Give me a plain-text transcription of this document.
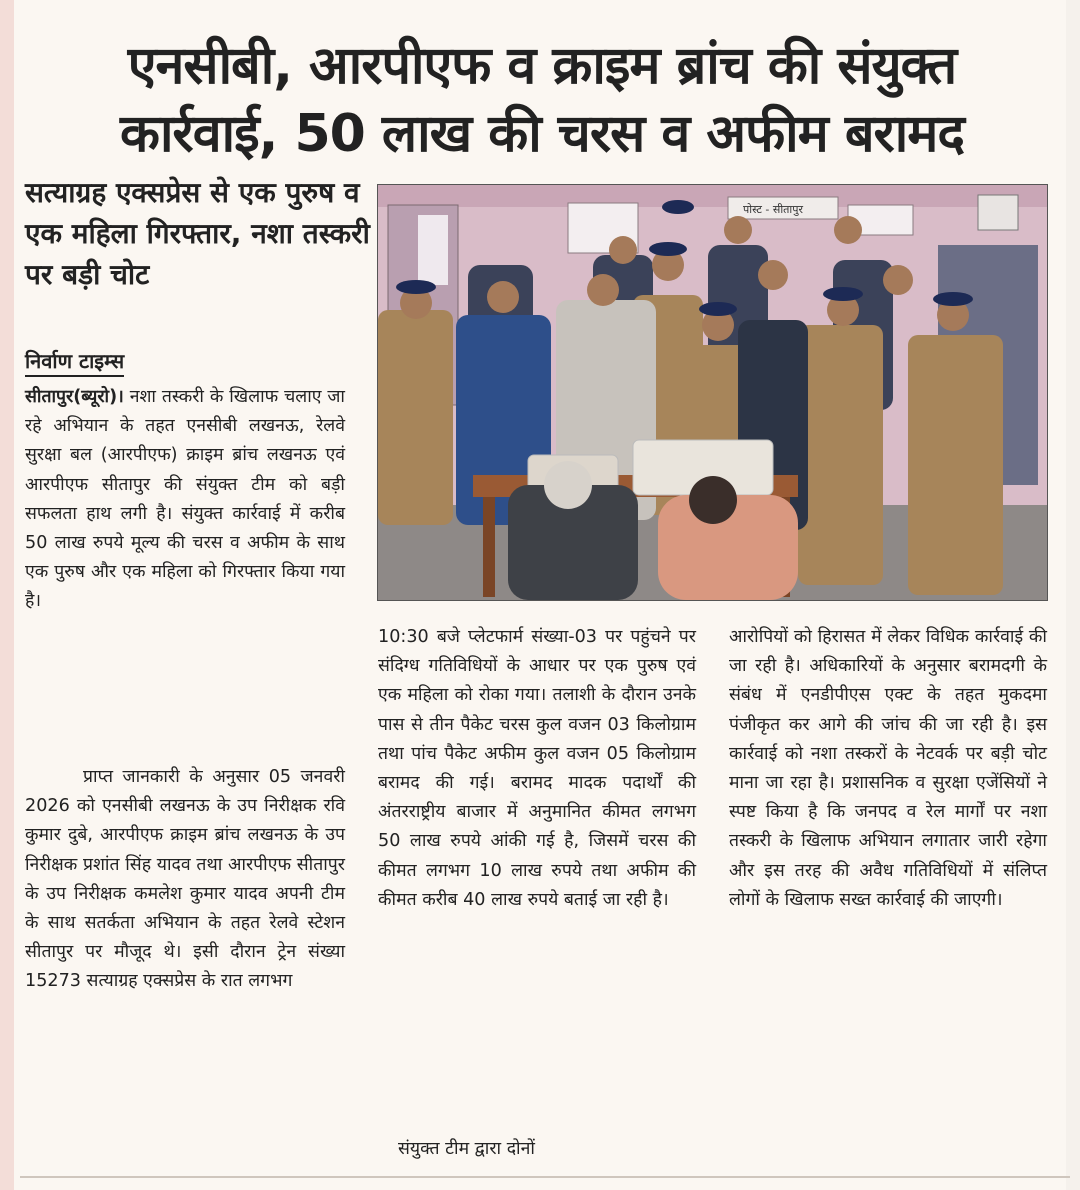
एनसीबी, आरपीएफ व क्राइम ब्रांच की संयुक्त
कार्रवाई, 50 लाख की चरस व अफीम बरामद
सत्याग्रह एक्सप्रेस से एक पुरुष व एक महिला गिरफ्तार, नशा तस्करी पर बड़ी चोट
निर्वाण टाइम्स

सीतापुर(ब्यूरो)। नशा तस्करी के खिलाफ चलाए जा रहे अभियान के तहत एनसीबी लखनऊ, रेलवे सुरक्षा बल (आरपीएफ) क्राइम ब्रांच लखनऊ एवं आरपीएफ सीतापुर की संयुक्त टीम को बड़ी सफलता हाथ लगी है। संयुक्त कार्रवाई में करीब 50 लाख रुपये मूल्य की चरस व अफीम के साथ एक पुरुष और एक महिला को गिरफ्तार किया गया है।

प्राप्त जानकारी के अनुसार 05 जनवरी 2026 को एनसीबी लखनऊ के उप निरीक्षक रवि कुमार दुबे, आरपीएफ क्राइम ब्रांच लखनऊ के उप निरीक्षक प्रशांत सिंह यादव तथा आरपीएफ सीतापुर के उप निरीक्षक कमलेश कुमार यादव अपनी टीम के साथ सतर्कता अभियान के तहत रेलवे स्टेशन सीतापुर पर मौजूद थे। इसी दौरान ट्रेन संख्या 15273 सत्याग्रह एक्सप्रेस के रात लगभग

10:30 बजे प्लेटफार्म संख्या-03 पर पहुंचने पर संदिग्ध गतिविधियों के आधार पर एक पुरुष एवं एक महिला को रोका गया। तलाशी के दौरान उनके पास से तीन पैकेट चरस कुल वजन 03 किलोग्राम तथा पांच पैकेट अफीम कुल वजन 05 किलोग्राम बरामद की गई। बरामद मादक पदार्थों की अंतरराष्ट्रीय बाजार में अनुमानित कीमत लगभग 50 लाख रुपये आंकी गई है, जिसमें चरस की कीमत लगभग 10 लाख रुपये तथा अफीम की कीमत करीब 40 लाख रुपये बताई जा रही है।

संयुक्त टीम द्वारा दोनों

आरोपियों को हिरासत में लेकर विधिक कार्रवाई की जा रही है। अधिकारियों के अनुसार बरामदगी के संबंध में एनडीपीएस एक्ट के तहत मुकदमा पंजीकृत कर आगे की जांच की जा रही है। इस कार्रवाई को नशा तस्करों के नेटवर्क पर बड़ी चोट माना जा रहा है। प्रशासनिक व सुरक्षा एजेंसियों ने स्पष्ट किया है कि जनपद व रेल मार्गों पर नशा तस्करी के खिलाफ अभियान लगातार जारी रहेगा और इस तरह की अवैध गतिविधियों में संलिप्त लोगों के खिलाफ सख्त कार्रवाई की जाएगी।

पोस्ट - सीतापुर
